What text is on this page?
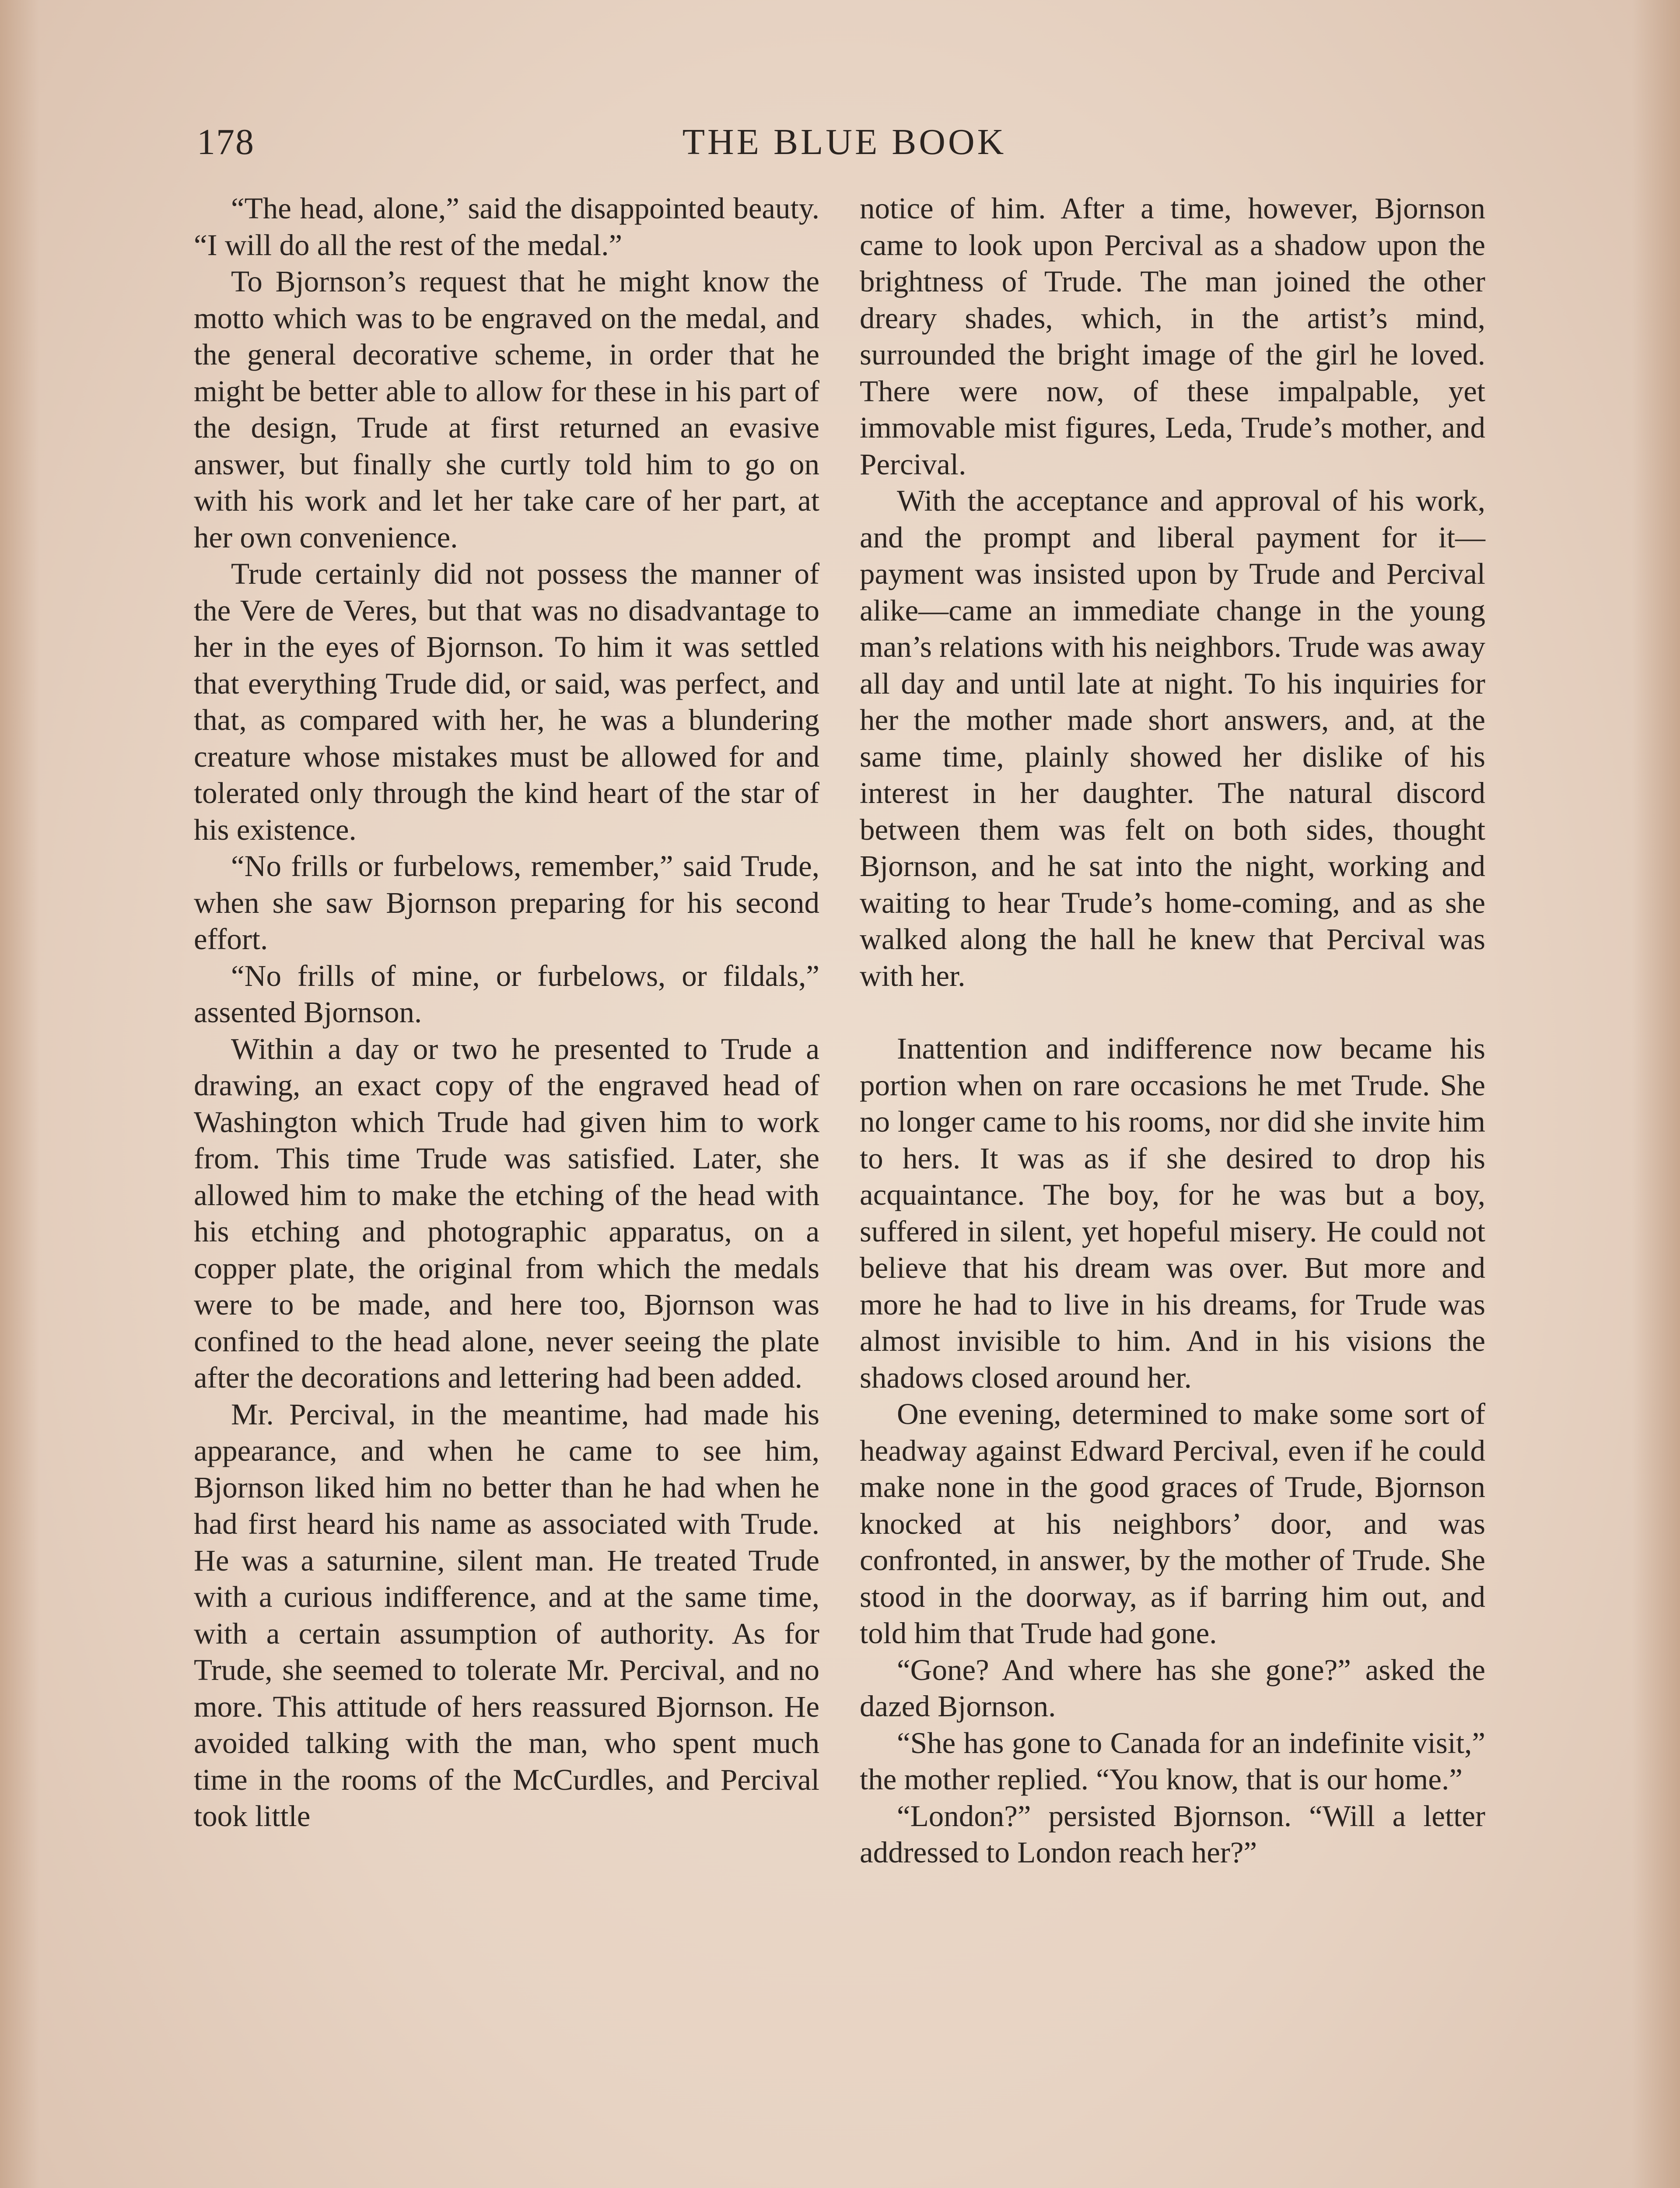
178	THE BLUE BOOK

“The head, alone,” said the disappointed beauty. “I will do all the rest of the medal.”

To Bjornson’s request that he might know the motto which was to be engraved on the medal, and the general decorative scheme, in order that he might be better able to allow for these in his part of the design, Trude at first returned an evasive answer, but finally she curtly told him to go on with his work and let her take care of her part, at her own convenience.

Trude certainly did not possess the manner of the Vere de Veres, but that was no disadvantage to her in the eyes of Bjornson. To him it was settled that everything Trude did, or said, was perfect, and that, as compared with her, he was a blundering creature whose mistakes must be allowed for and tolerated only through the kind heart of the star of his existence.

“No frills or furbelows, remember,” said Trude, when she saw Bjornson preparing for his second effort.

“No frills of mine, or furbelows, or fildals,” assented Bjornson.

Within a day or two he presented to Trude a drawing, an exact copy of the engraved head of Washington which Trude had given him to work from. This time Trude was satisfied. Later, she allowed him to make the etching of the head with his etching and photographic apparatus, on a copper plate, the original from which the medals were to be made, and here too, Bjornson was confined to the head alone, never seeing the plate after the decorations and lettering had been added.

Mr. Percival, in the meantime, had made his appearance, and when he came to see him, Bjornson liked him no better than he had when he had first heard his name as associated with Trude. He was a saturnine, silent man. He treated Trude with a curious indifference, and at the same time, with a certain assumption of authority. As for Trude, she seemed to tolerate Mr. Percival, and no more. This attitude of hers reassured Bjornson. He avoided talking with the man, who spent much time in the rooms of the McCurdles, and Percival took little

notice of him. After a time, however, Bjornson came to look upon Percival as a shadow upon the brightness of Trude. The man joined the other dreary shades, which, in the artist’s mind, surrounded the bright image of the girl he loved. There were now, of these impalpable, yet immovable mist figures, Leda, Trude’s mother, and Percival.

With the acceptance and approval of his work, and the prompt and liberal payment for it—payment was insisted upon by Trude and Percival alike—came an immediate change in the young man’s relations with his neighbors. Trude was away all day and until late at night. To his inquiries for her the mother made short answers, and, at the same time, plainly showed her dislike of his interest in her daughter. The natural discord between them was felt on both sides, thought Bjornson, and he sat into the night, working and waiting to hear Trude’s home-coming, and as she walked along the hall he knew that Percival was with her.

Inattention and indifference now became his portion when on rare occasions he met Trude. She no longer came to his rooms, nor did she invite him to hers. It was as if she desired to drop his acquaintance. The boy, for he was but a boy, suffered in silent, yet hopeful misery. He could not believe that his dream was over. But more and more he had to live in his dreams, for Trude was almost invisible to him. And in his visions the shadows closed around her.

One evening, determined to make some sort of headway against Edward Percival, even if he could make none in the good graces of Trude, Bjornson knocked at his neighbors’ door, and was confronted, in answer, by the mother of Trude. She stood in the doorway, as if barring him out, and told him that Trude had gone.

“Gone? And where has she gone?” asked the dazed Bjornson.

“She has gone to Canada for an indefinite visit,” the mother replied. “You know, that is our home.”

“London?” persisted Bjornson. “Will a letter addressed to London reach her?”
